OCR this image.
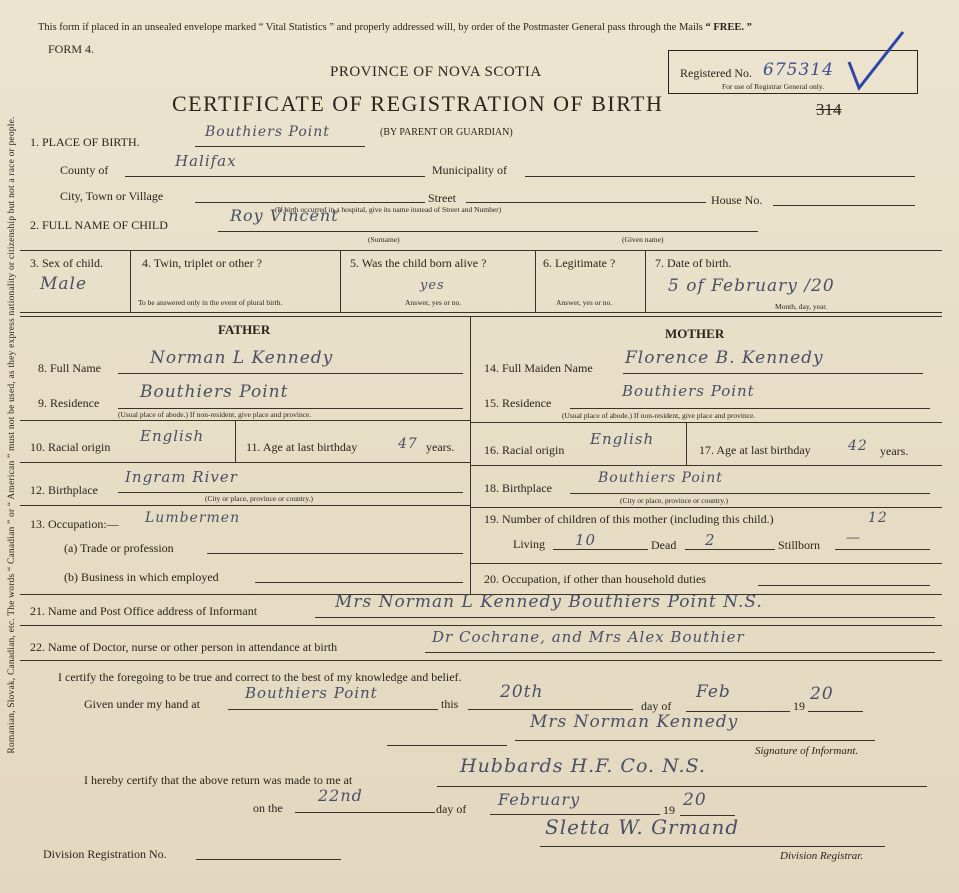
Romanian, Slovak, Canadian, etc. The words “ Canadian ” or “ American ” must not be used, as they express nationality or citizenship but not a race or people.
This form if placed in an unsealed envelope marked “ Vital Statistics ” and properly addressed will, by order of the Postmaster General pass through the Mails “ FREE. ”
FORM 4.
PROVINCE OF NOVA SCOTIA
CERTIFICATE OF REGISTRATION OF BIRTH
(BY PARENT OR GUARDIAN)
Registered No. 675314
For use of Registrar General only.
314
1. PLACE OF BIRTH.
Bouthiers Point
County of	Halifax	Municipality of
City, Town or Village	Street	House No.
(If birth occurred in a hospital, give its name instead of Street and Number)
2. FULL NAME OF CHILD	Roy Vincent
(Surname)	(Given name)
3. Sex of child.
Male
4. Twin, triplet or other ?
To be answered only in the event of plural birth.
5. Was the child born alive ?
yes
Answer, yes or no.
6. Legitimate ?
Answer, yes or no.
7. Date of birth.
5 of February /20
Month, day, year.
FATHER	MOTHER
8. Full Name	Norman L Kennedy
9. Residence
Bouthiers Point
(Usual place of abode.) If non-resident, give place and province.
10. Racial origin
English
11. Age at last birthday	47 years.
12. Birthplace
Ingram River
(City or place, province or country.)
13. Occupation:— Lumbermen
(a) Trade or profession
(b) Business in which employed
14. Full Maiden Name Florence B. Kennedy
15. Residence
Bouthiers Point
(Usual place of abode.) If non-resident, give place and province.
16. Racial origin
English
17. Age at last birthday	42 years.
18. Birthplace
Bouthiers Point
(City or place, province or country.)
19. Number of children of this mother (including this child.)	12
Living 10	Dead 2	Stillborn —
20. Occupation, if other than household duties
21. Name and Post Office address of Informant	Mrs Norman L Kennedy Bouthiers Point N.S.
22. Name of Doctor, nurse or other person in attendance at birth
Dr Cochrane, and Mrs Alex Bouthier
I certify the foregoing to be true and correct to the best of my knowledge and belief.
Given under my hand at
Bouthiers Point
this
20th
day of
Feb
19
20
Mrs Norman Kennedy
Signature of Informant.
I hereby certify that the above return was made to me at
Hubbards H.F. Co. N.S.
on the
22nd
day of February
19 20
Sletta W. Grmand
Division Registration No.	Division Registrar.
